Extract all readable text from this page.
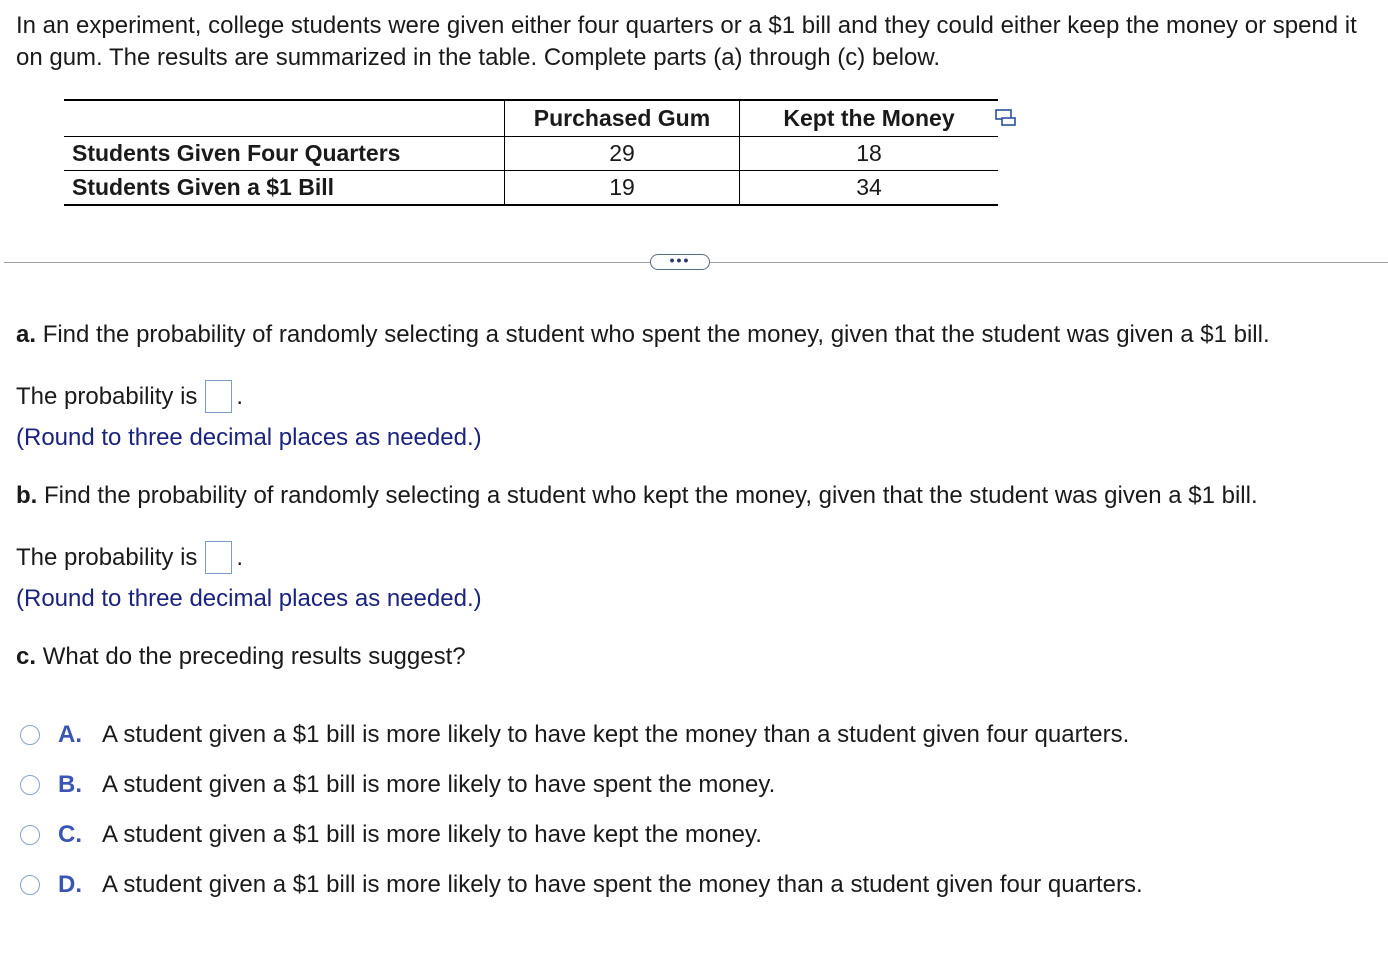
In an experiment, college students were given either four quarters or a $1 bill and they could either keep the money or spend it on gum. The results are summarized in the table. Complete parts (a) through (c) below.

	Purchased Gum	Kept the Money
Students Given Four Quarters	29	18
Students Given a $1 Bill	19	34
•••

a. Find the probability of randomly selecting a student who spent the money, given that the student was given a $1 bill.

The probability is .

(Round to three decimal places as needed.)

b. Find the probability of randomly selecting a student who kept the money, given that the student was given a $1 bill.

The probability is .

(Round to three decimal places as needed.)

c. What do the preceding results suggest?

A. A student given a $1 bill is more likely to have kept the money than a student given four quarters.
B. A student given a $1 bill is more likely to have spent the money.
C. A student given a $1 bill is more likely to have kept the money.
D. A student given a $1 bill is more likely to have spent the money than a student given four quarters.
